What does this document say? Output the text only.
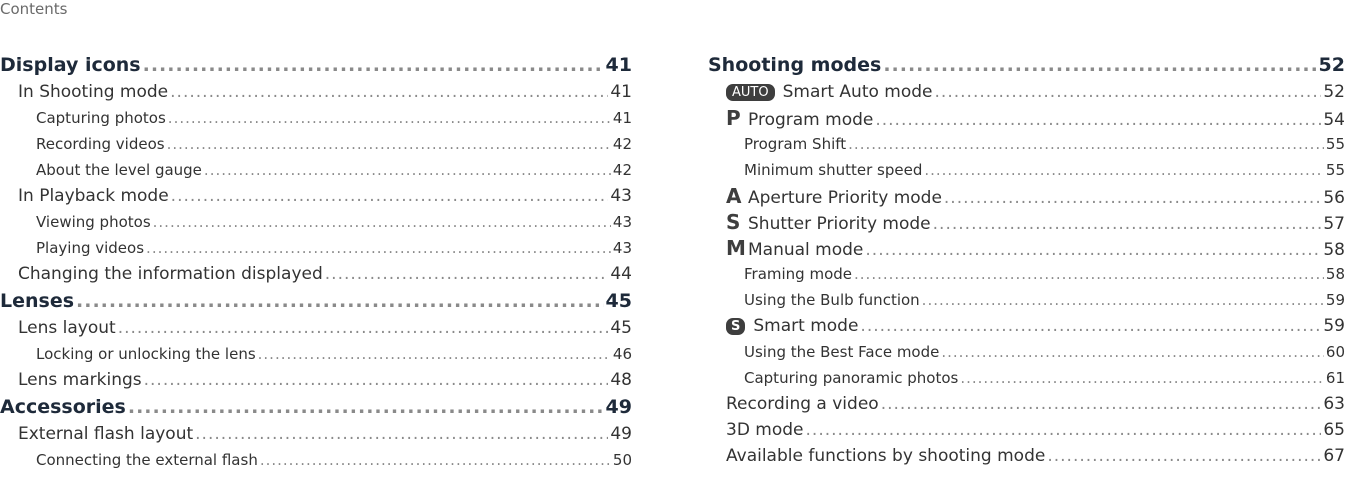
Contents
Display icons .....	41
In Shooting mode .....	41
Capturing photos .....	41
Recording videos .....	42
About the level gauge .....	42
In Playback mode .....	43
Viewing photos .....	43
Playing videos .....	43
Changing the information displayed .....	44
Lenses .....	45
Lens layout .....	45
Locking or unlocking the lens .....	46
Lens markings .....	48
Accessories .....	49
External flash layout .....	49
Connecting the external flash .....	50
Shooting modes .....	52
AUTO Smart Auto mode .....	52
P Program mode .....	54
Program Shift .....	55
Minimum shutter speed .....	55
A Aperture Priority mode .....	56
S Shutter Priority mode .....	57
M Manual mode .....	58
Framing mode .....	58
Using the Bulb function .....	59
S Smart mode .....	59
Using the Best Face mode .....	60
Capturing panoramic photos .....	61
Recording a video .....	63
3D mode .....	65
Available functions by shooting mode .....	67
